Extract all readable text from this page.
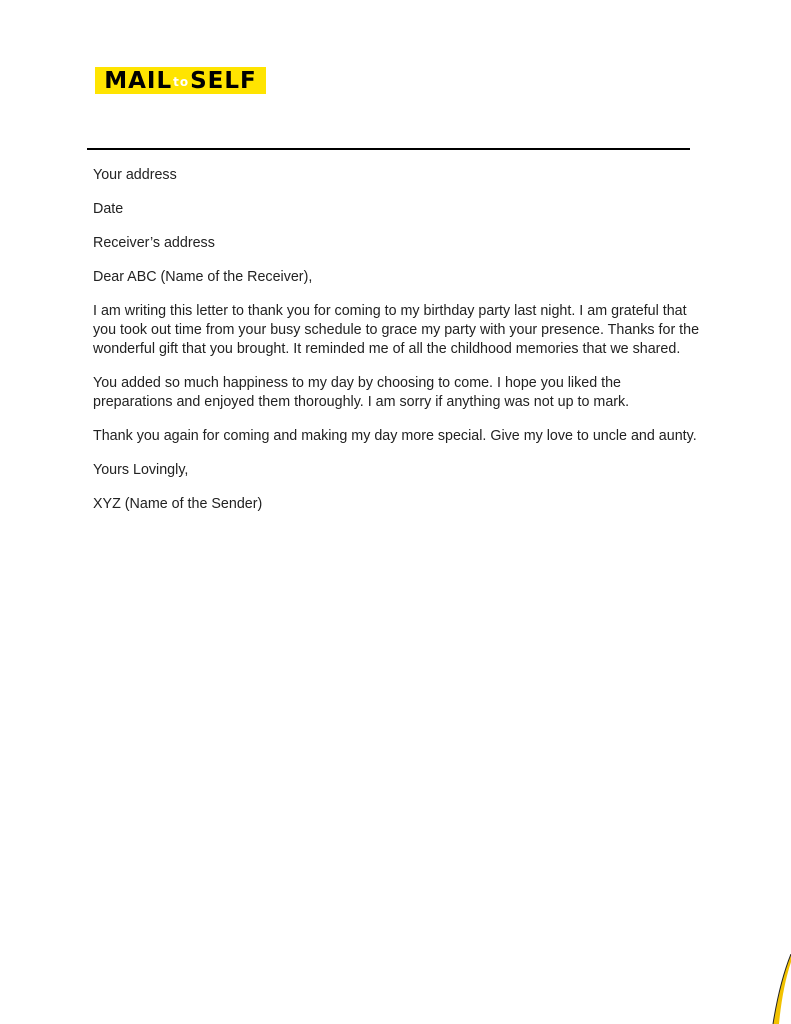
MAIL to SELF

Your address

Date

Receiver’s address

Dear ABC (Name of the Receiver),

I am writing this letter to thank you for coming to my birthday party last night. I am grateful that you took out time from your busy schedule to grace my party with your presence. Thanks for the wonderful gift that you brought. It reminded me of all the childhood memories that we shared.

You added so much happiness to my day by choosing to come. I hope you liked the preparations and enjoyed them thoroughly. I am sorry if anything was not up to mark.

Thank you again for coming and making my day more special. Give my love to uncle and aunty.

Yours Lovingly,

XYZ (Name of the Sender)
